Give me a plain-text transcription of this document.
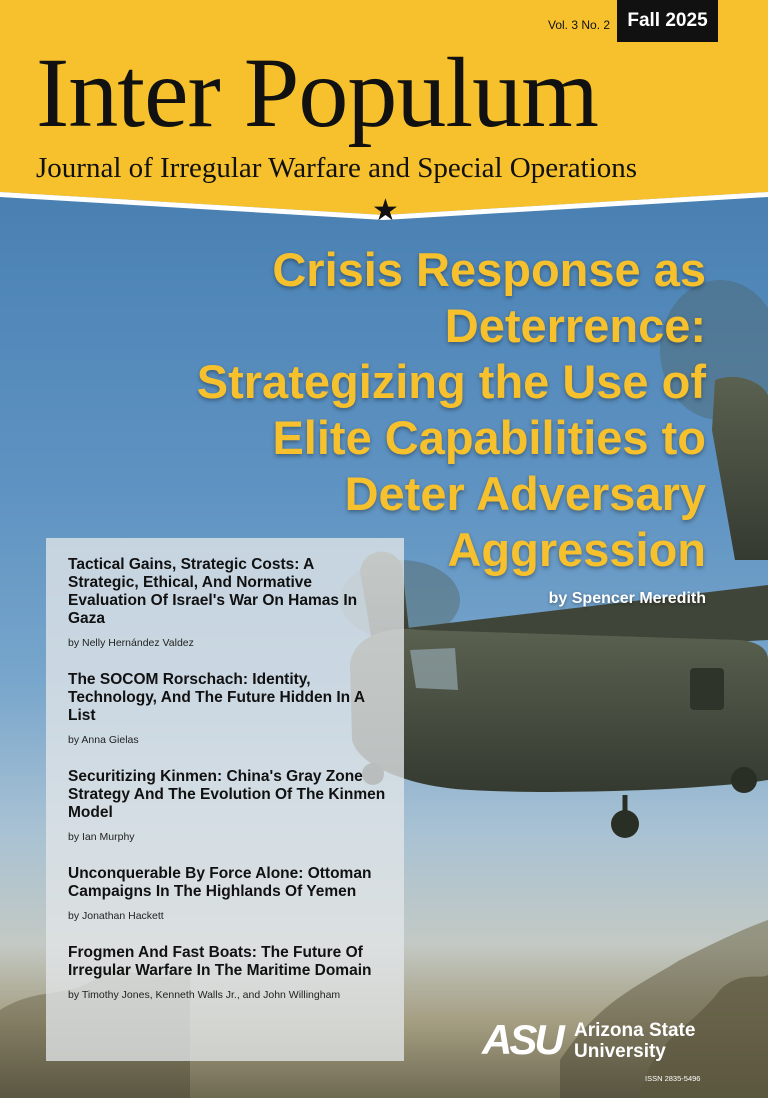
Vol. 3 No. 2 Fall 2025
Inter Populum
Journal of Irregular Warfare and Special Operations
★
Crisis Response as
Deterrence:
Strategizing the Use of
Elite Capabilities to
Deter Adversary
Aggression
by Spencer Meredith
Tactical Gains, Strategic Costs: A Strategic, Ethical, And Normative Evaluation Of Israel's War On Hamas In Gaza
by Nelly Hernández Valdez
The SOCOM Rorschach: Identity, Technology, And The Future Hidden In A List
by Anna Gielas
Securitizing Kinmen: China's Gray Zone Strategy And The Evolution Of The Kinmen Model
by Ian Murphy
Unconquerable By Force Alone: Ottoman Campaigns In The Highlands Of Yemen
by Jonathan Hackett
Frogmen And Fast Boats: The Future Of Irregular Warfare In The Maritime Domain
by Timothy Jones, Kenneth Walls Jr., and John Willingham
ASU Arizona State
University
ISSN 2835-5496
